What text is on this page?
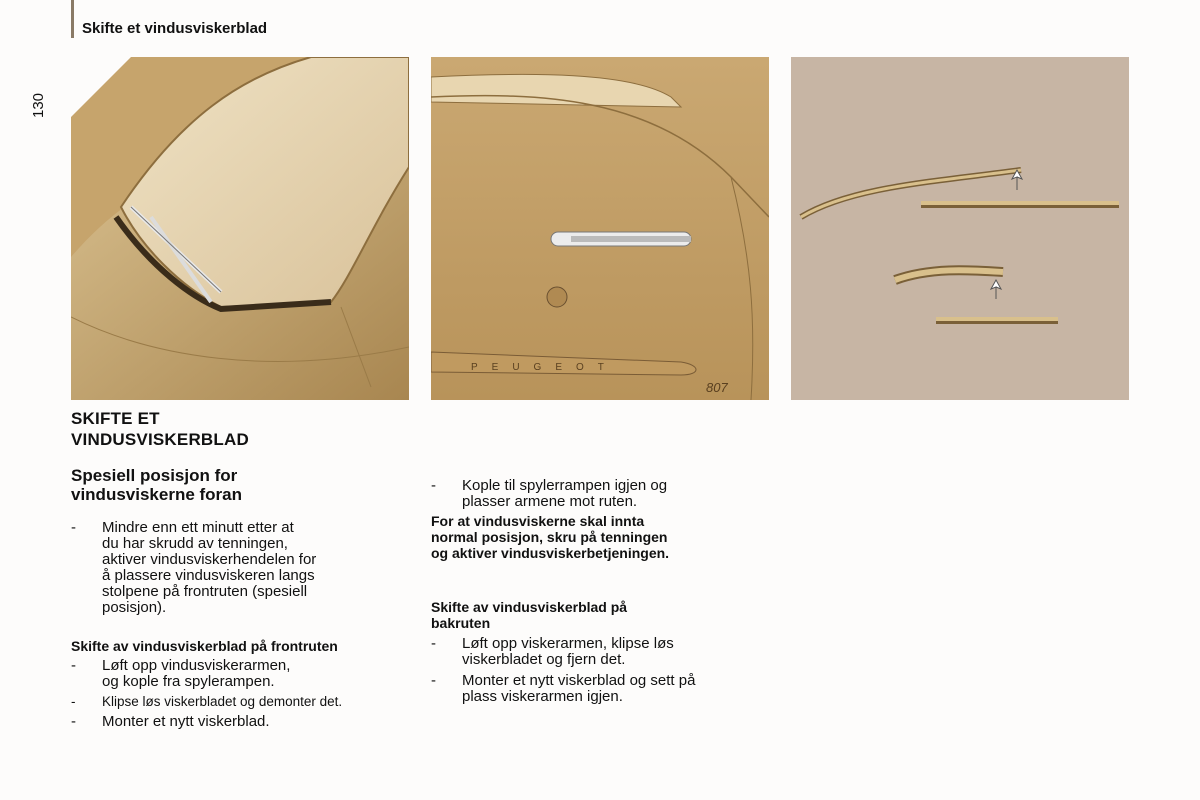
Skifte et vindusviskerblad
130
PEUGEOT
807

SKIFTE ET
VINDUSVISKERBLAD

Spesiell posisjon for
vindusviskerne foran

- Mindre enn ett minutt etter at
du har skrudd av tenningen,
aktiver vindusviskerhendelen for
å plassere vindusviskeren langs
stolpene på frontruten (spesiell
posisjon).

Skifte av vindusviskerblad på frontruten

- Løft opp vindusviskerarmen,
og kople fra spylerampen.
- Klipse løs viskerbladet og demonter det.
- Monter et nytt viskerblad.
- Kople til spylerrampen igjen og
plasser armene mot ruten.

For at vindusviskerne skal innta
normal posisjon, skru på tenningen
og aktiver vindusviskerbetjeningen.

Skifte av vindusviskerblad på
bakruten

- Løft opp viskerarmen, klipse løs
viskerbladet og fjern det.
- Monter et nytt viskerblad og sett på
plass viskerarmen igjen.
